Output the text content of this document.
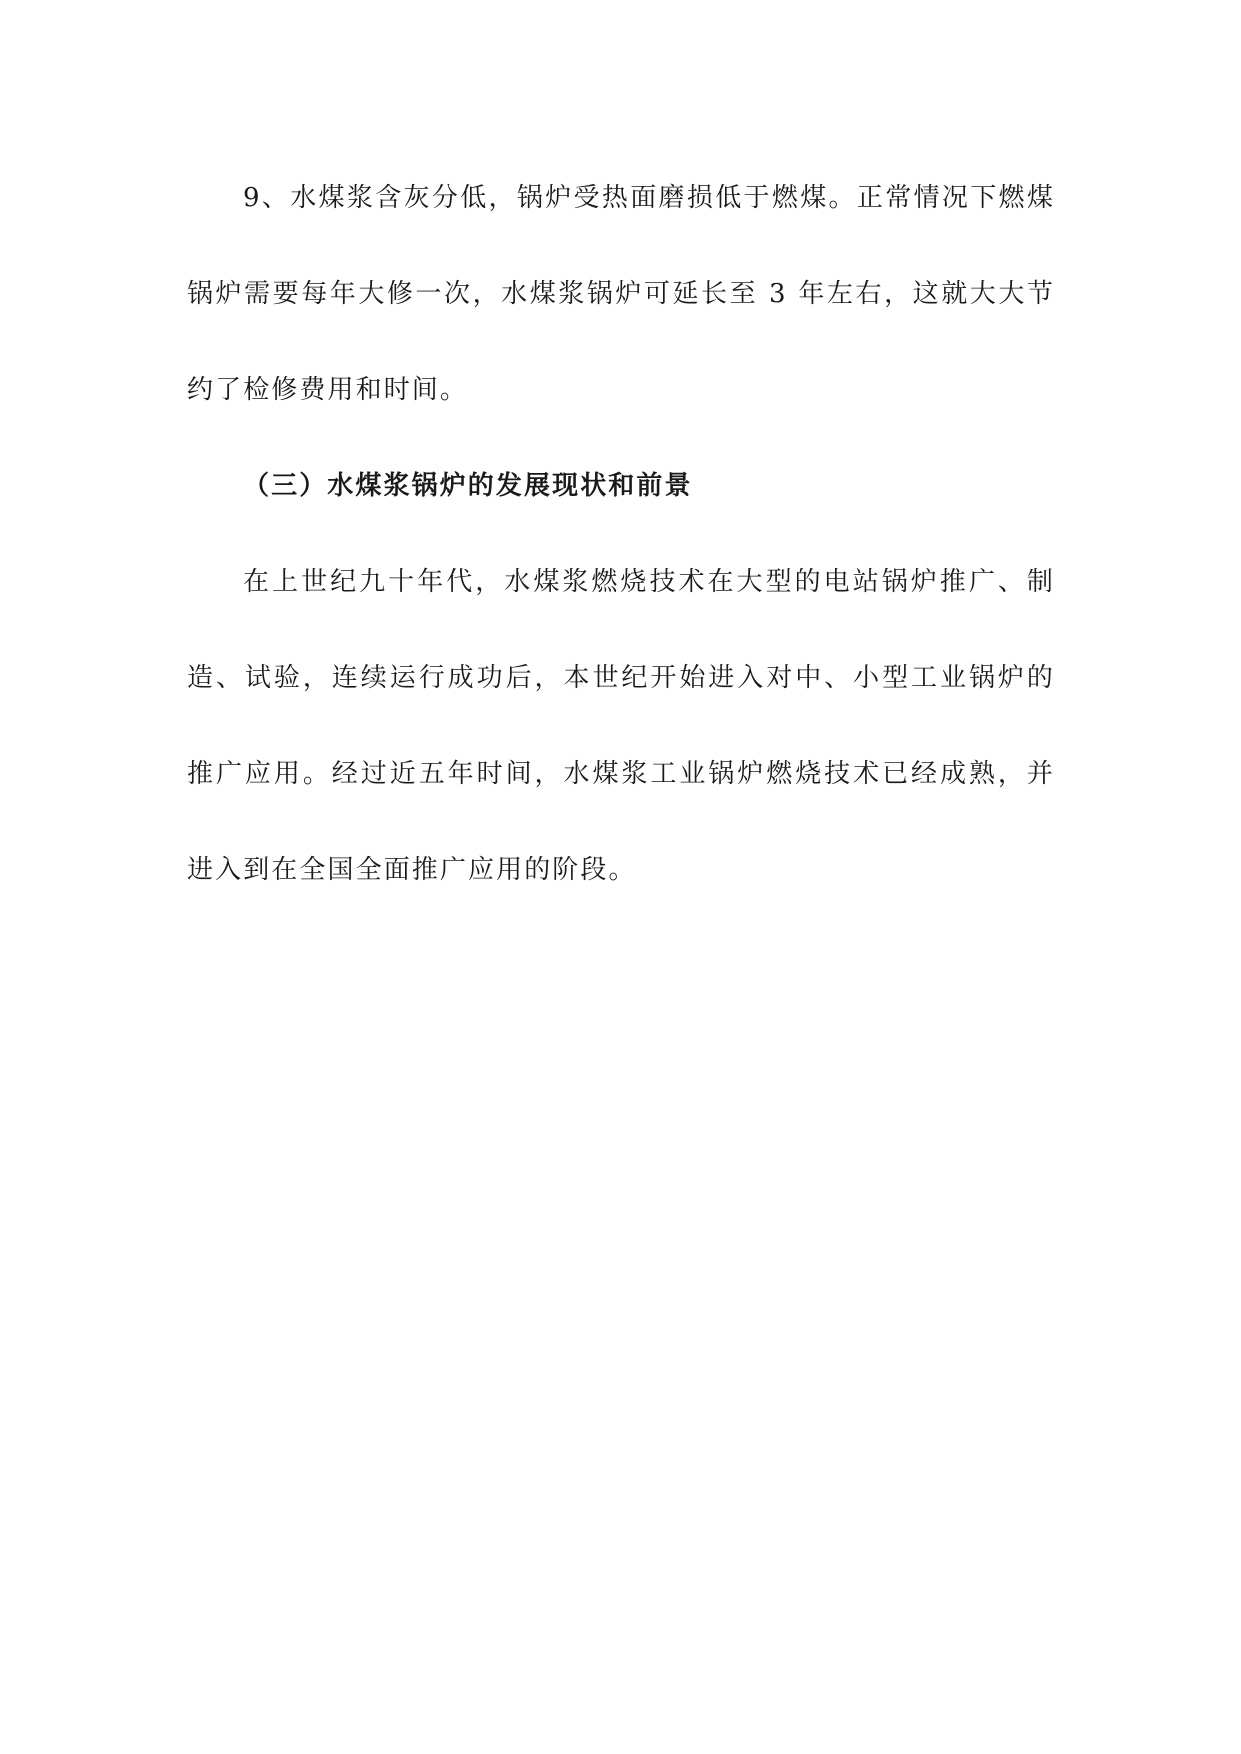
9、水煤浆含灰分低，锅炉受热面磨损低于燃煤。正常情况下燃煤锅炉需要每年大修一次，水煤浆锅炉可延长至 3 年左右，这就大大节约了检修费用和时间。

（三）水煤浆锅炉的发展现状和前景

在上世纪九十年代，水煤浆燃烧技术在大型的电站锅炉推广、制造、试验，连续运行成功后，本世纪开始进入对中、小型工业锅炉的推广应用。经过近五年时间，水煤浆工业锅炉燃烧技术已经成熟，并进入到在全国全面推广应用的阶段。
